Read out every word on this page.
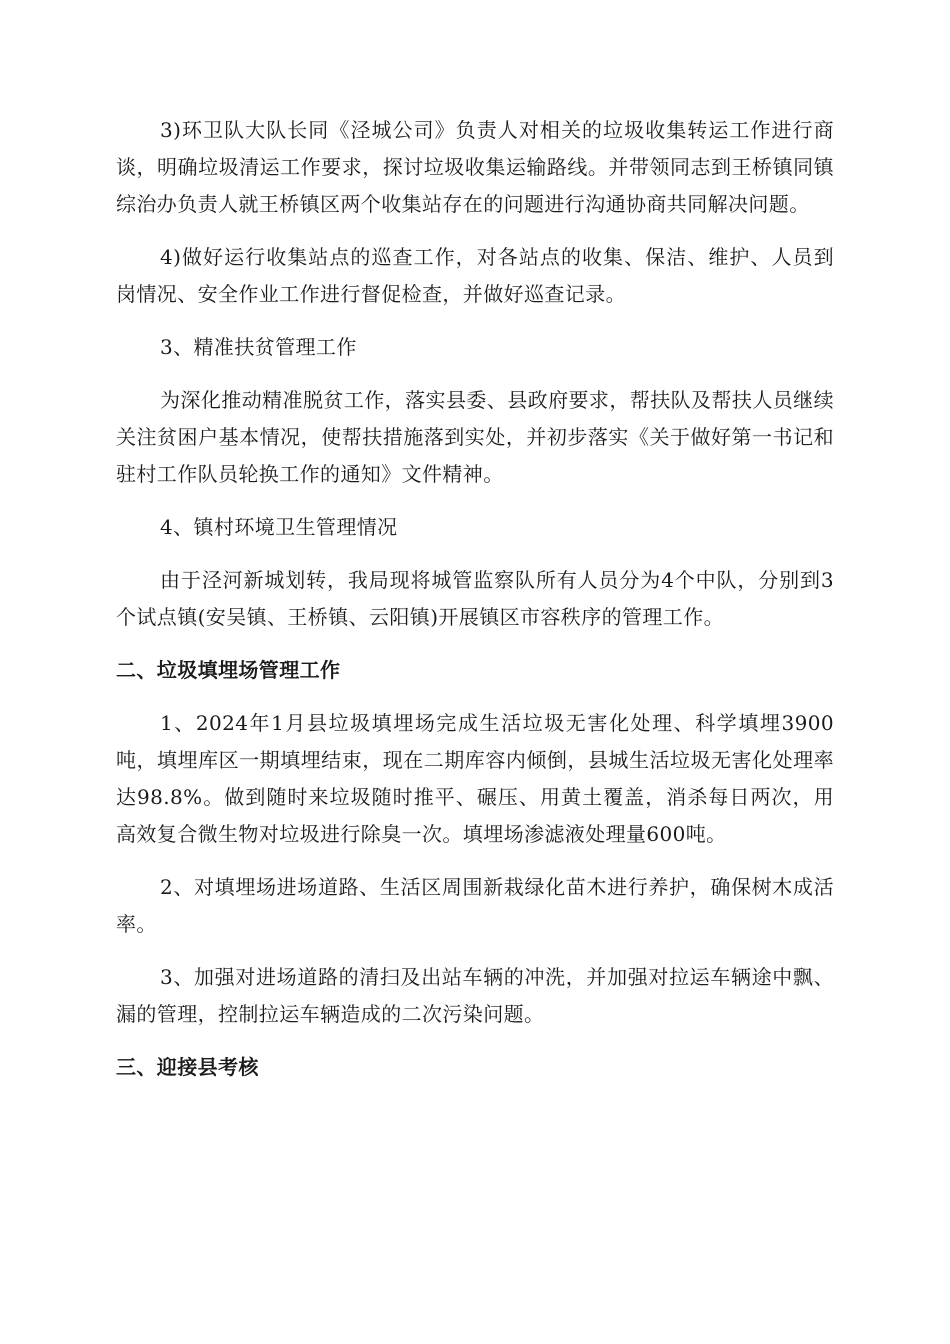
3)环卫队大队长同《泾城公司》负责人对相关的垃圾收集转运工作进行商谈，明确垃圾清运工作要求，探讨垃圾收集运输路线。并带领同志到王桥镇同镇综治办负责人就王桥镇区两个收集站存在的问题进行沟通协商共同解决问题。

4)做好运行收集站点的巡查工作，对各站点的收集、保洁、维护、人员到岗情况、安全作业工作进行督促检查，并做好巡查记录。

3、精准扶贫管理工作

为深化推动精准脱贫工作，落实县委、县政府要求，帮扶队及帮扶人员继续关注贫困户基本情况，使帮扶措施落到实处，并初步落实《关于做好第一书记和驻村工作队员轮换工作的通知》文件精神。

4、镇村环境卫生管理情况

由于泾河新城划转，我局现将城管监察队所有人员分为4个中队，分别到3个试点镇(安吴镇、王桥镇、云阳镇)开展镇区市容秩序的管理工作。

二、垃圾填埋场管理工作

1、2024年1月县垃圾填埋场完成生活垃圾无害化处理、科学填埋3900吨，填埋库区一期填埋结束，现在二期库容内倾倒，县城生活垃圾无害化处理率达98.8%。做到随时来垃圾随时推平、碾压、用黄土覆盖，消杀每日两次，用高效复合微生物对垃圾进行除臭一次。填埋场渗滤液处理量600吨。

2、对填埋场进场道路、生活区周围新栽绿化苗木进行养护，确保树木成活率。

3、加强对进场道路的清扫及出站车辆的冲洗，并加强对拉运车辆途中飘、漏的管理，控制拉运车辆造成的二次污染问题。

三、迎接县考核
